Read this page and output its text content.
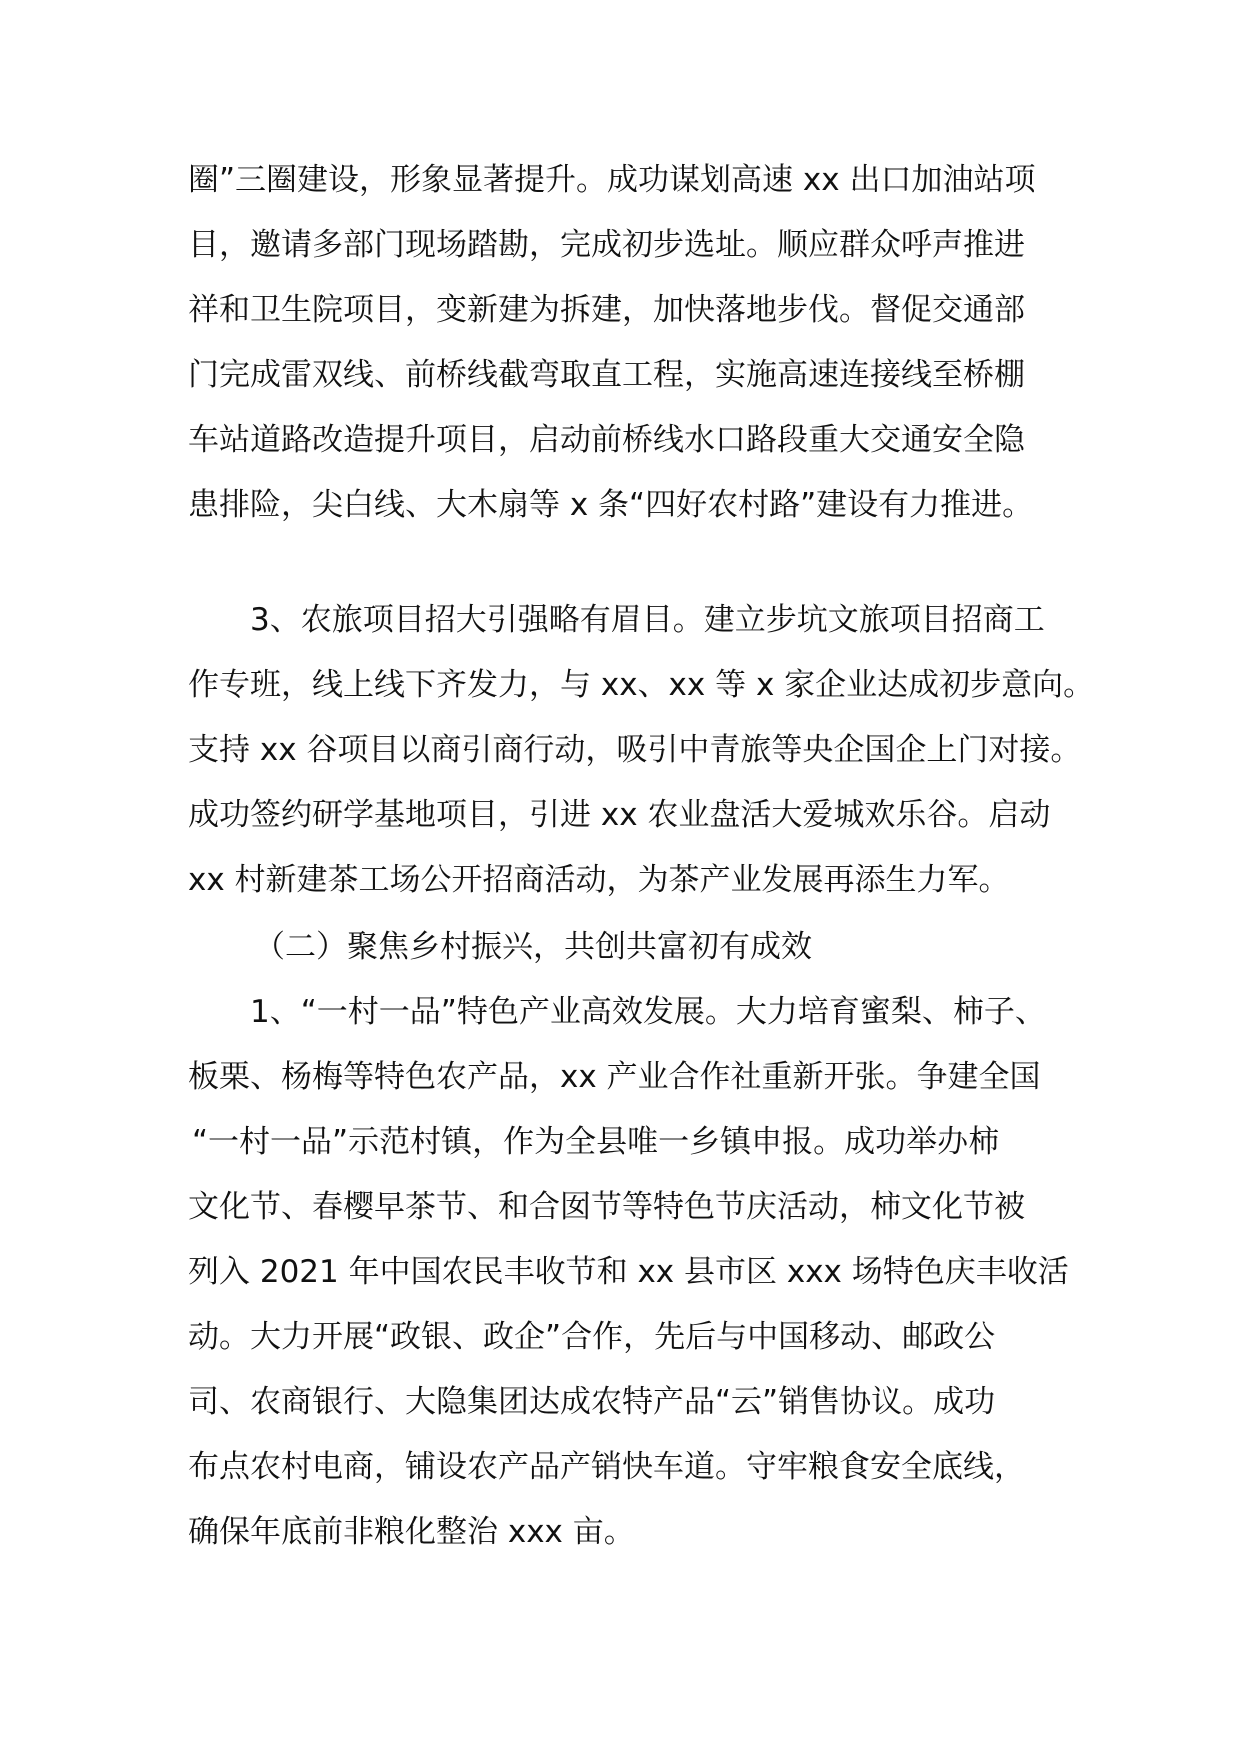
圈”三圈建设，形象显著提升。成功谋划高速 xx 出口加油站项
目，邀请多部门现场踏勘，完成初步选址。顺应群众呼声推进
祥和卫生院项目，变新建为拆建，加快落地步伐。督促交通部
门完成雷双线、前桥线截弯取直工程，实施高速连接线至桥棚
车站道路改造提升项目，启动前桥线水口路段重大交通安全隐
患排险，尖白线、大木扇等 x 条“四好农村路”建设有力推进。
3、农旅项目招大引强略有眉目。建立步坑文旅项目招商工
作专班，线上线下齐发力，与 xx、xx 等 x 家企业达成初步意向。
支持 xx 谷项目以商引商行动，吸引中青旅等央企国企上门对接。
成功签约研学基地项目，引进 xx 农业盘活大爱城欢乐谷。启动
xx 村新建茶工场公开招商活动，为茶产业发展再添生力军。
（二）聚焦乡村振兴，共创共富初有成效
1、“一村一品”特色产业高效发展。大力培育蜜梨、柿子、
板栗、杨梅等特色农产品，xx 产业合作社重新开张。争建全国
“一村一品”示范村镇，作为全县唯一乡镇申报。成功举办柿
文化节、春樱早茶节、和合囡节等特色节庆活动，柿文化节被
列入 2021 年中国农民丰收节和 xx 县市区 xxx 场特色庆丰收活
动。大力开展“政银、政企”合作，先后与中国移动、邮政公
司、农商银行、大隐集团达成农特产品“云”销售协议。成功
布点农村电商，铺设农产品产销快车道。守牢粮食安全底线，
确保年底前非粮化整治 xxx 亩。
